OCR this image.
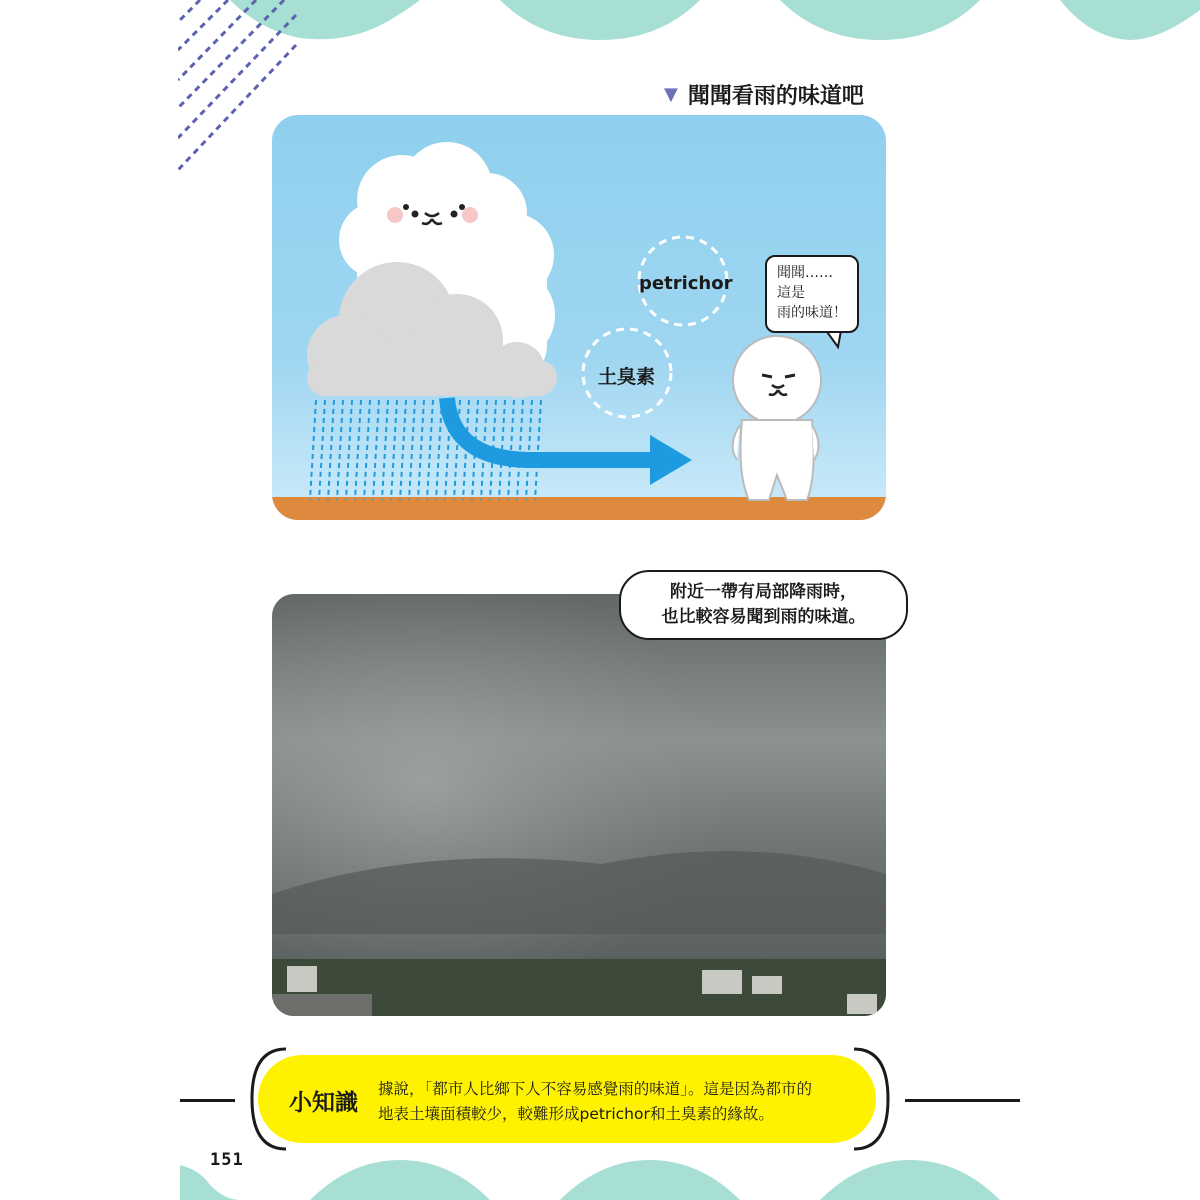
▼ 聞聞看雨的味道吧
petrichor
土臭素
聞聞……
這是
雨的味道！
附近一帶有局部降雨時，
也比較容易聞到雨的味道。
小知識
據說，「都市人比鄉下人不容易感覺雨的味道」。這是因為都市的
地表土壤面積較少，較難形成petrichor和土臭素的緣故。
151
